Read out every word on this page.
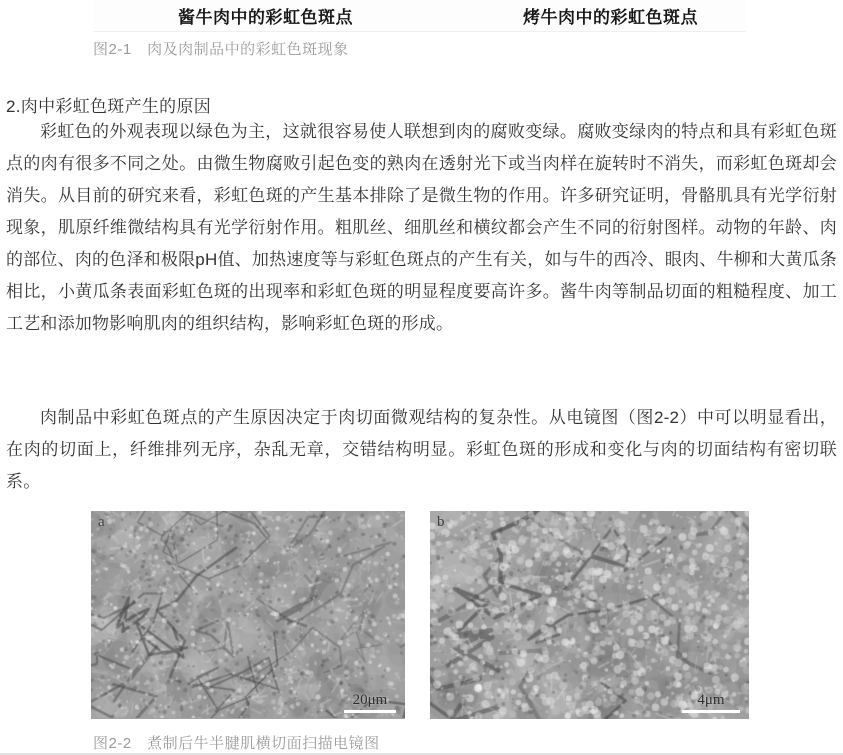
酱牛肉中的彩虹色斑点	烤牛肉中的彩虹色斑点
图2-1　肉及肉制品中的彩虹色斑现象
2.肉中彩虹色斑产生的原因

彩虹色的外观表现以绿色为主，这就很容易使人联想到肉的腐败变绿。腐败变绿肉的特点和具有彩虹色斑点的肉有很多不同之处。由微生物腐败引起色变的熟肉在透射光下或当肉样在旋转时不消失，而彩虹色斑却会消失。从目前的研究来看，彩虹色斑的产生基本排除了是微生物的作用。许多研究证明，骨骼肌具有光学衍射现象，肌原纤维微结构具有光学衍射作用。粗肌丝、细肌丝和横纹都会产生不同的衍射图样。动物的年龄、肉的部位、肉的色泽和极限pH值、加热速度等与彩虹色斑点的产生有关，如与牛的西冷、眼肉、牛柳和大黄瓜条相比，小黄瓜条表面彩虹色斑的出现率和彩虹色斑的明显程度要高许多。酱牛肉等制品切面的粗糙程度、加工工艺和添加物影响肌肉的组织结构，影响彩虹色斑的形成。

肉制品中彩虹色斑点的产生原因决定于肉切面微观结构的复杂性。从电镜图（图2-2）中可以明显看出，在肉的切面上，纤维排列无序，杂乱无章，交错结构明显。彩虹色斑的形成和变化与肉的切面结构有密切联系。

a
20μm
b
4μm
图2-2　煮制后牛半腱肌横切面扫描电镜图
